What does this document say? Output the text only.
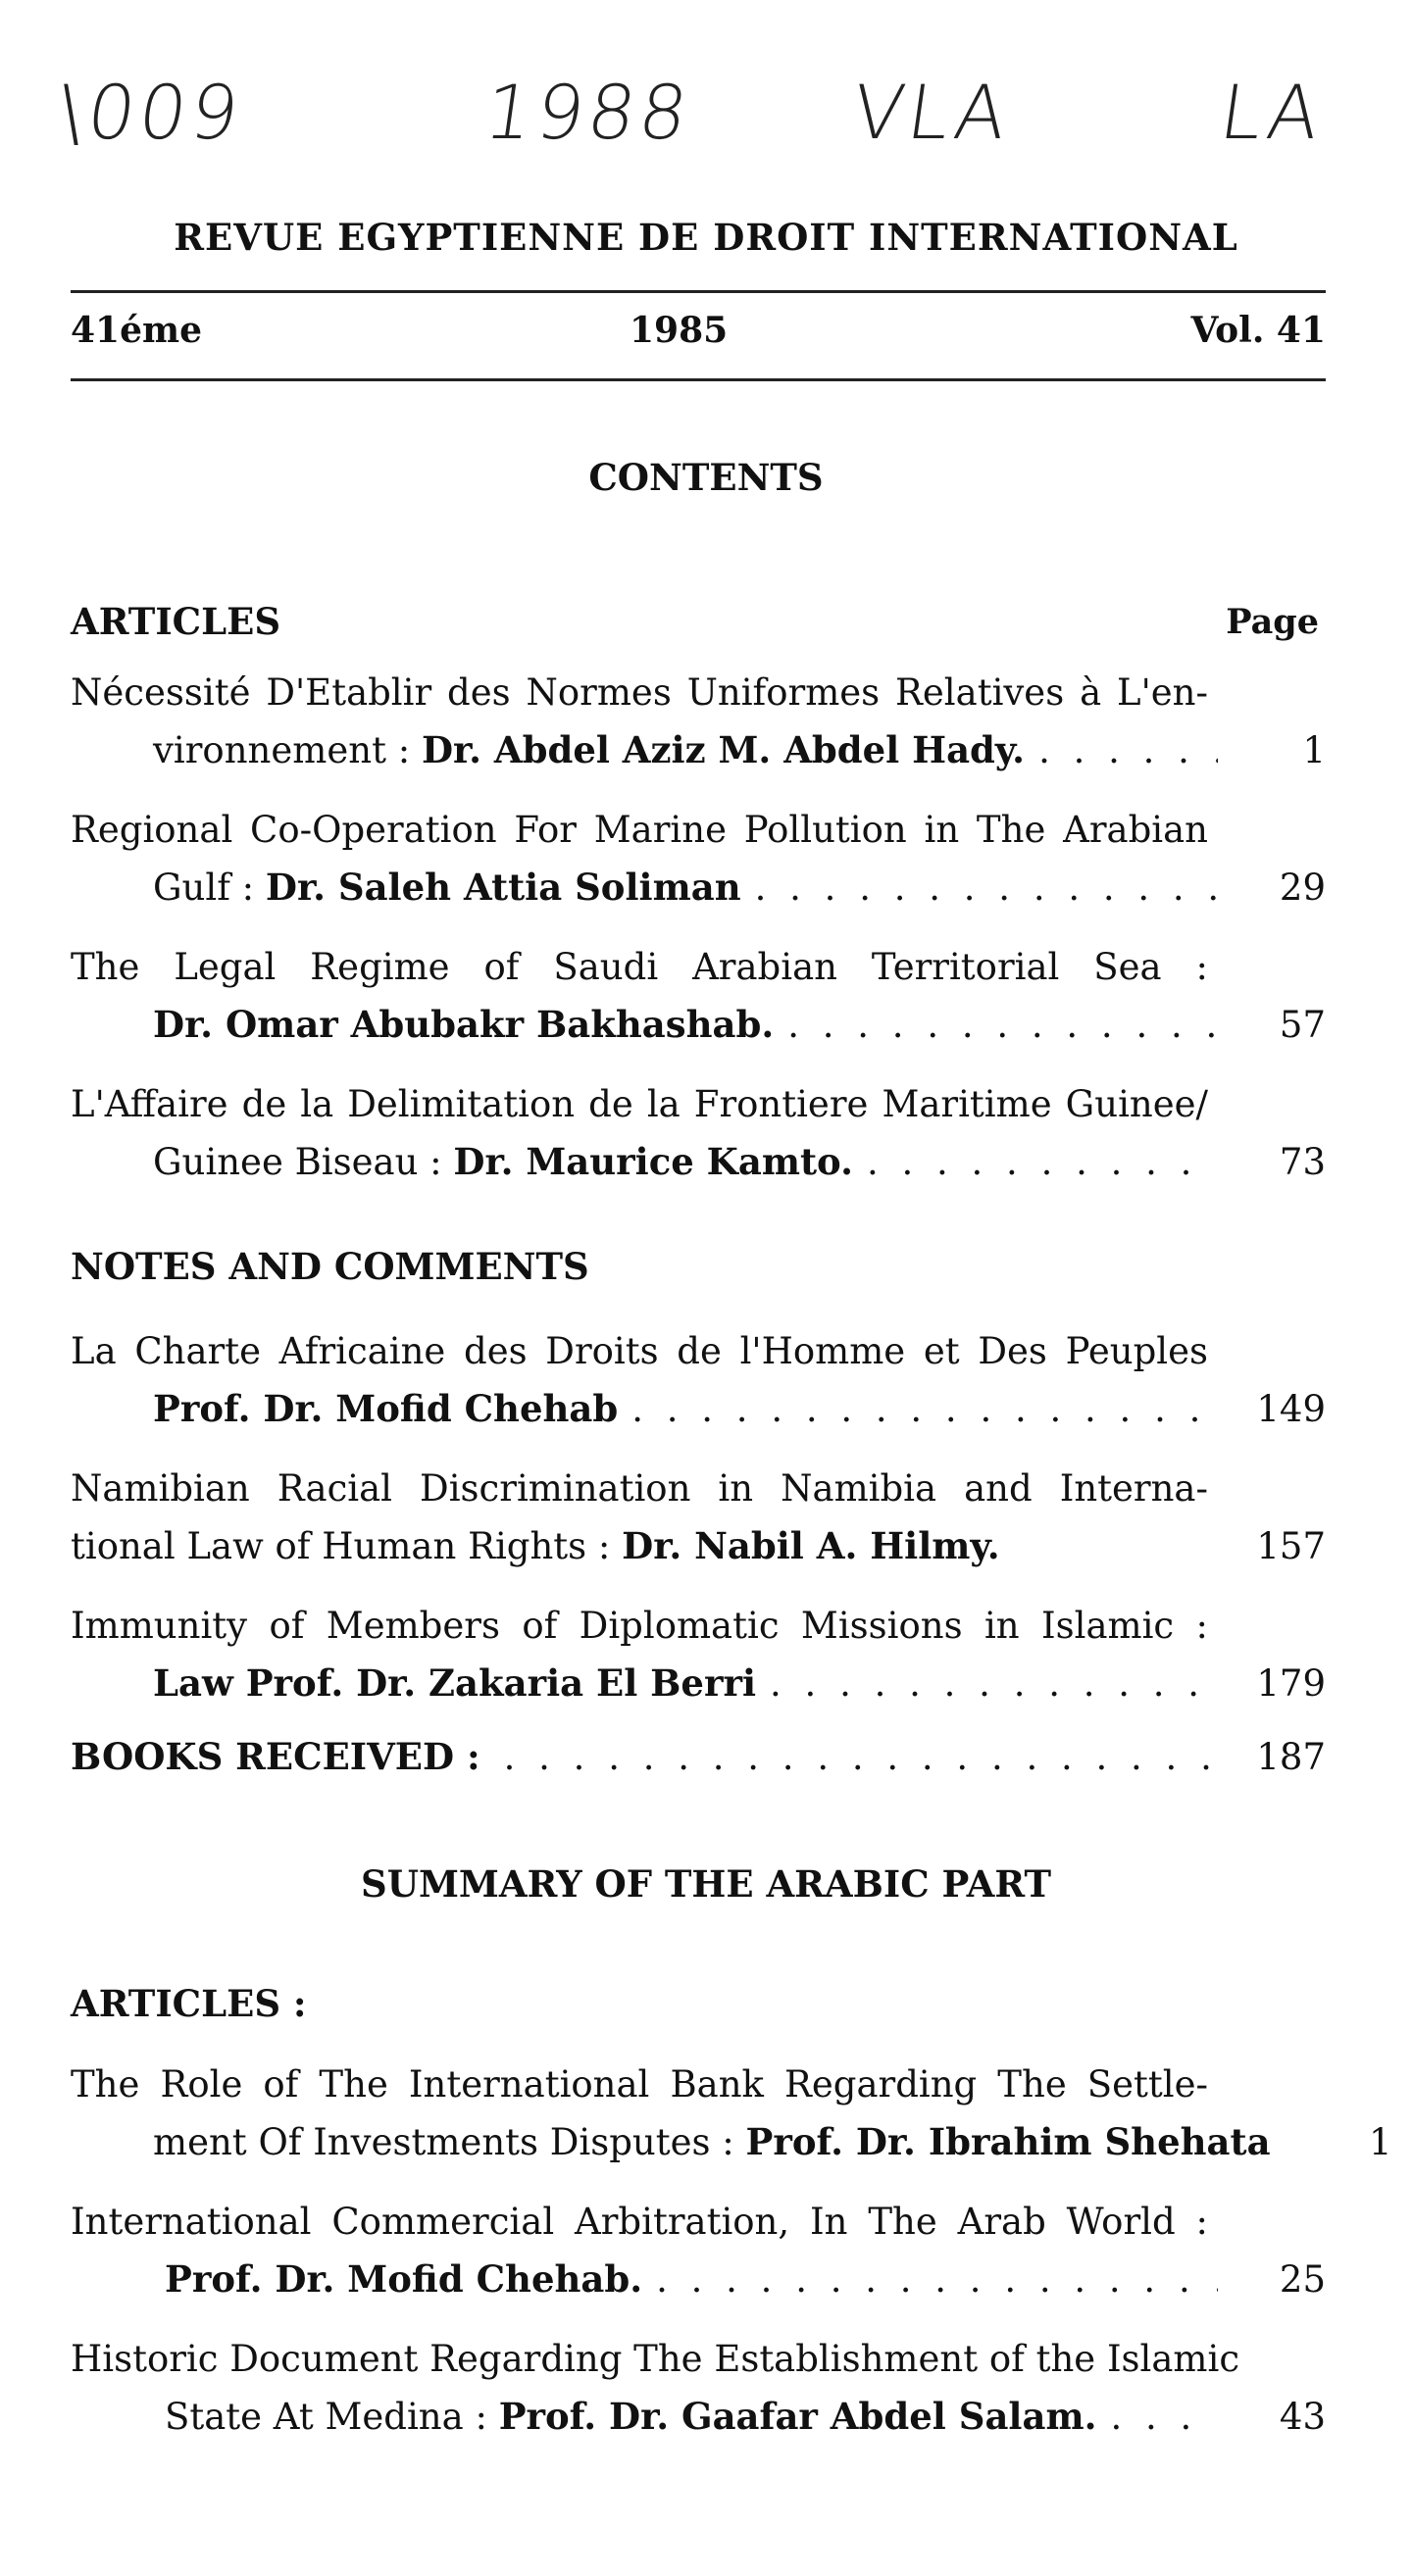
\009	1988 VLA	LA
REVUE EGYPTIENNE DE DROIT INTERNATIONAL
41éme	1985	Vol. 41
CONTENTS
ARTICLES	Page
Nécessité D'Etablir des Normes Uniformes Relatives à L'en-
vironnement :
Dr. Abdel Aziz M. Abdel Hady. . . .	1
Regional Co-Operation For Marine Pollution in The Arabian
Gulf :
Dr. Saleh Attia Soliman . . .	29
The Legal Regime of Saudi Arabian Territorial Sea :
Dr. Omar Abubakr Bakhashab. . . .	57
L'Affaire de la Delimitation de la Frontiere Maritime Guinee/
Guinee Biseau :
Dr. Maurice Kamto. . . .	73
NOTES AND COMMENTS
La Charte Africaine des Droits de l'Homme et Des Peuples
Prof. Dr. Mofid Chehab . . .	149
Namibian Racial Discrimination in Namibia and Interna-
tional Law of Human Rights :
Dr. Nabil A. Hilmy.	157
Immunity of Members of Diplomatic Missions in Islamic :
Law Prof. Dr. Zakaria El Berri . . .	179
BOOKS RECEIVED : . . .	187
SUMMARY OF THE ARABIC PART
ARTICLES :
The Role of The International Bank Regarding The Settle-
ment Of Investments Disputes :
Prof. Dr. Ibrahim Shehata	1
International Commercial Arbitration, In The Arab World :
Prof. Dr. Mofid Chehab. . . .	25
Historic Document Regarding The Establishment of the Islamic
State At Medina :
Prof. Dr. Gaafar Abdel Salam. . . .	43
